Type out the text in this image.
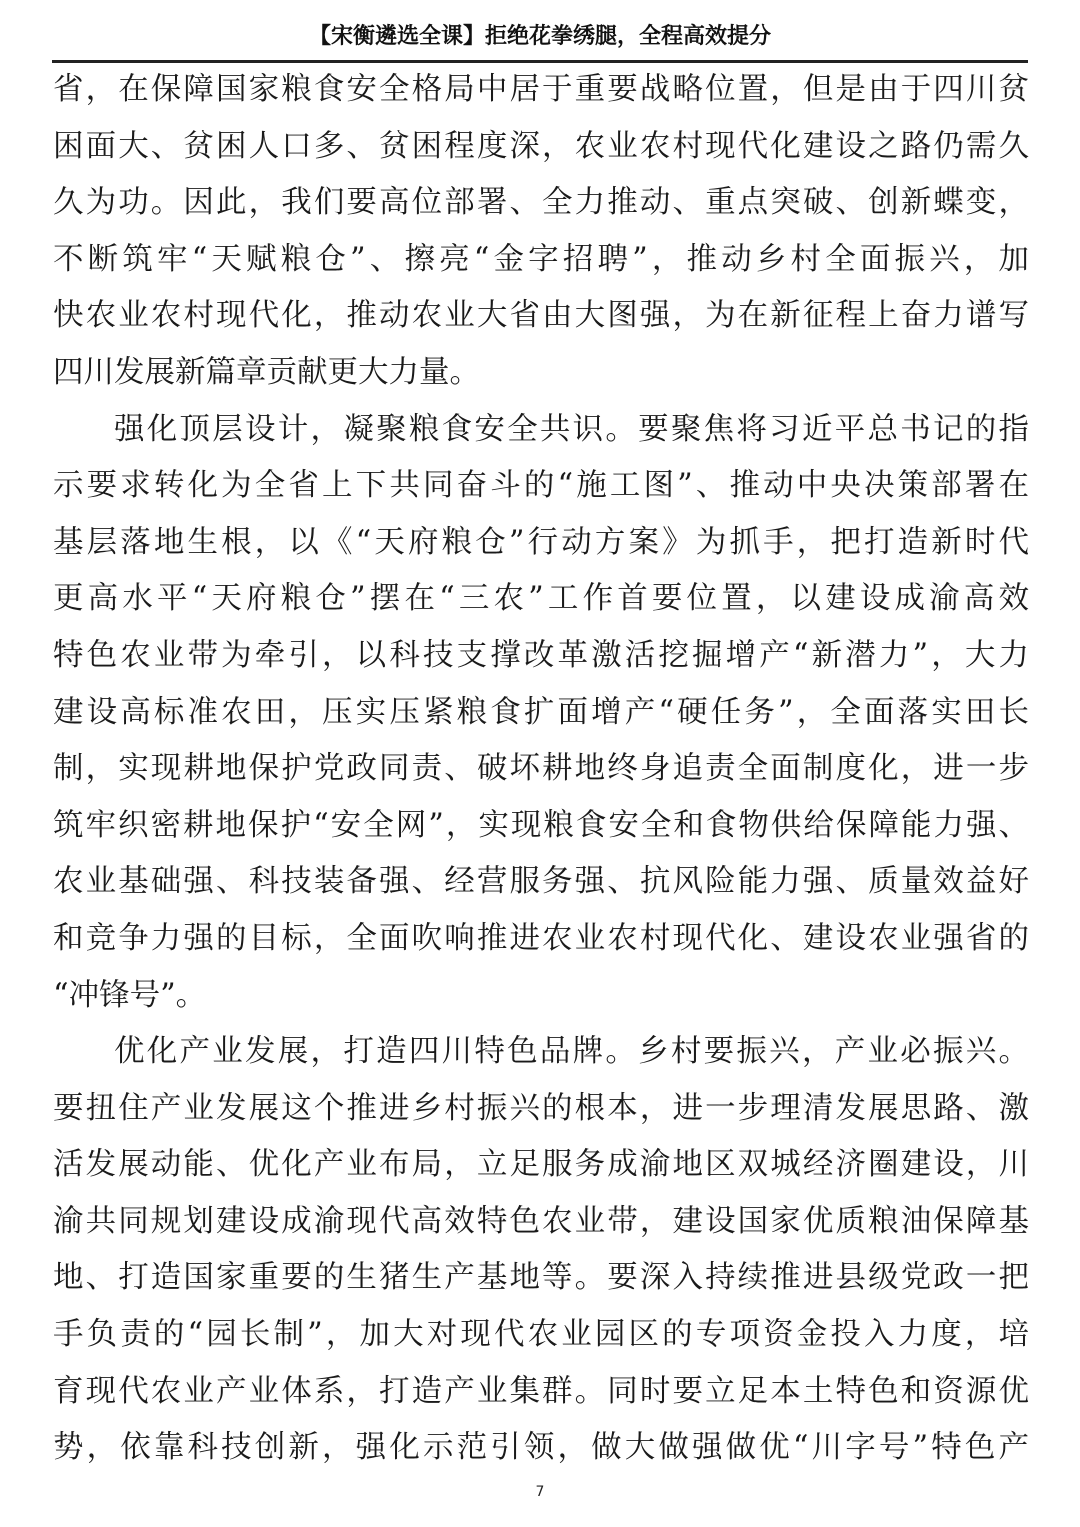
【宋衡遴选全课】拒绝花拳绣腿，全程高效提分
省，在保障国家粮食安全格局中居于重要战略位置，但是由于四川贫
困面大、贫困人口多、贫困程度深，农业农村现代化建设之路仍需久
久为功。因此，我们要高位部署、全力推动、重点突破、创新蝶变，
不断筑牢“天赋粮仓”、擦亮“金字招聘”，推动乡村全面振兴，加
快农业农村现代化，推动农业大省由大图强，为在新征程上奋力谱写
四川发展新篇章贡献更大力量。
强化顶层设计，凝聚粮食安全共识。要聚焦将习近平总书记的指
示要求转化为全省上下共同奋斗的“施工图”、推动中央决策部署在
基层落地生根，以《“天府粮仓”行动方案》为抓手，把打造新时代
更高水平“天府粮仓”摆在“三农”工作首要位置，以建设成渝高效
特色农业带为牵引，以科技支撑改革激活挖掘增产“新潜力”，大力
建设高标准农田，压实压紧粮食扩面增产“硬任务”，全面落实田长
制，实现耕地保护党政同责、破坏耕地终身追责全面制度化，进一步
筑牢织密耕地保护“安全网”，实现粮食安全和食物供给保障能力强、
农业基础强、科技装备强、经营服务强、抗风险能力强、质量效益好
和竞争力强的目标，全面吹响推进农业农村现代化、建设农业强省的
“冲锋号”。
优化产业发展，打造四川特色品牌。乡村要振兴，产业必振兴。
要扭住产业发展这个推进乡村振兴的根本，进一步理清发展思路、激
活发展动能、优化产业布局，立足服务成渝地区双城经济圈建设，川
渝共同规划建设成渝现代高效特色农业带，建设国家优质粮油保障基
地、打造国家重要的生猪生产基地等。要深入持续推进县级党政一把
手负责的“园长制”，加大对现代农业园区的专项资金投入力度，培
育现代农业产业体系，打造产业集群。同时要立足本土特色和资源优
势，依靠科技创新，强化示范引领，做大做强做优“川字号”特色产
7
